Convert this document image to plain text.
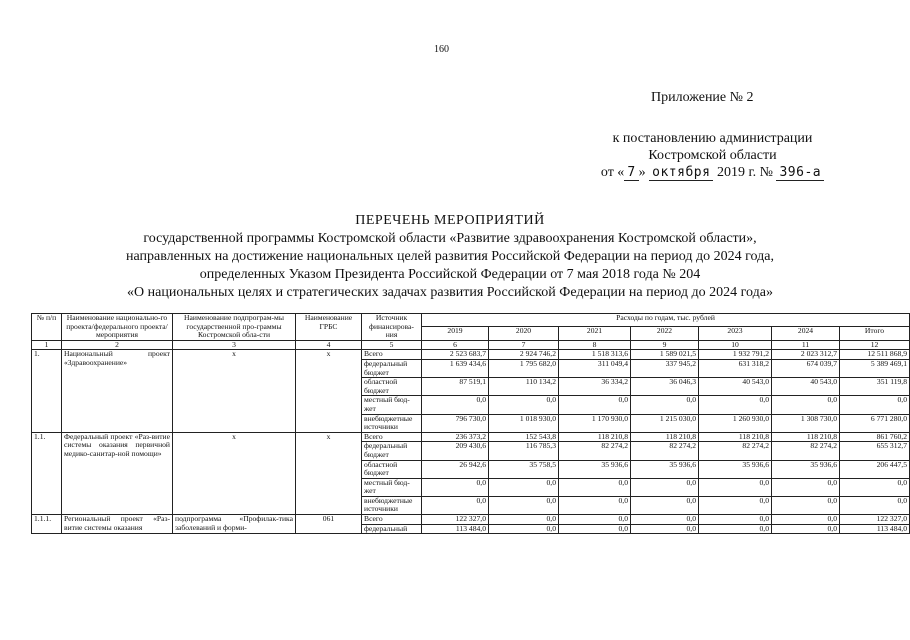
160
Приложение № 2
к постановлению администрации
Костромской области
от « 7 » октября 2019 г. № 396-а
ПЕРЕЧЕНЬ МЕРОПРИЯТИЙ
государственной программы Костромской области «Развитие здравоохранения Костромской области»,
направленных на достижение национальных целей развития Российской Федерации на период до 2024 года,
определенных Указом Президента Российской Федерации от 7 мая 2018 года № 204
«О национальных целях и стратегических задачах развития Российской Федерации на период до 2024 года»
№ п/п	Наименование национально-го проекта/федерального проекта/мероприятия	Наименование подпрограм-мы государственной про-граммы Костромской обла-сти	Наименование ГРБС	Источник финансирова-ния	Расходы по годам, тыс. рублей						
					2019	2020	2021	2022	2023	2024	Итого
1	2	3	4	5	6	7	8	9	10	11	12
1.	Национальный проект «Здравоохранение»	x	x	Всего	2 523 683,7	2 924 746,2	1 518 313,6	1 589 021,5	1 932 791,2	2 023 312,7	12 511 868,9
				федеральный бюджет	1 639 434,6	1 795 682,0	311 049,4	337 945,2	631 318,2	674 039,7	5 389 469,1
				областной бюджет	87 519,1	110 134,2	36 334,2	36 046,3	40 543,0	40 543,0	351 119,8
				местный бюд-жет	0,0	0,0	0,0	0,0	0,0	0,0	0,0
				внебюджетные источники	796 730,0	1 018 930,0	1 170 930,0	1 215 030,0	1 260 930,0	1 308 730,0	6 771 280,0
1.1.	Федеральный проект «Раз-витие системы оказания первичной медико-санитар-ной помощи»	x	x	Всего	236 373,2	152 543,8	118 210,8	118 210,8	118 210,8	118 210,8	861 760,2
				федеральный бюджет	209 430,6	116 785,3	82 274,2	82 274,2	82 274,2	82 274,2	655 312,7
				областной бюджет	26 942,6	35 758,5	35 936,6	35 936,6	35 936,6	35 936,6	206 447,5
				местный бюд-жет	0,0	0,0	0,0	0,0	0,0	0,0	0,0
				внебюджетные источники	0,0	0,0	0,0	0,0	0,0	0,0	0,0
1.1.1.	Региональный проект «Раз-витие системы оказания	подпрограмма «Профилак-тика заболеваний и форми-	061	Всего	122 327,0	0,0	0,0	0,0	0,0	0,0	122 327,0
				федеральный	113 484,0	0,0	0,0	0,0	0,0	0,0	113 484,0
